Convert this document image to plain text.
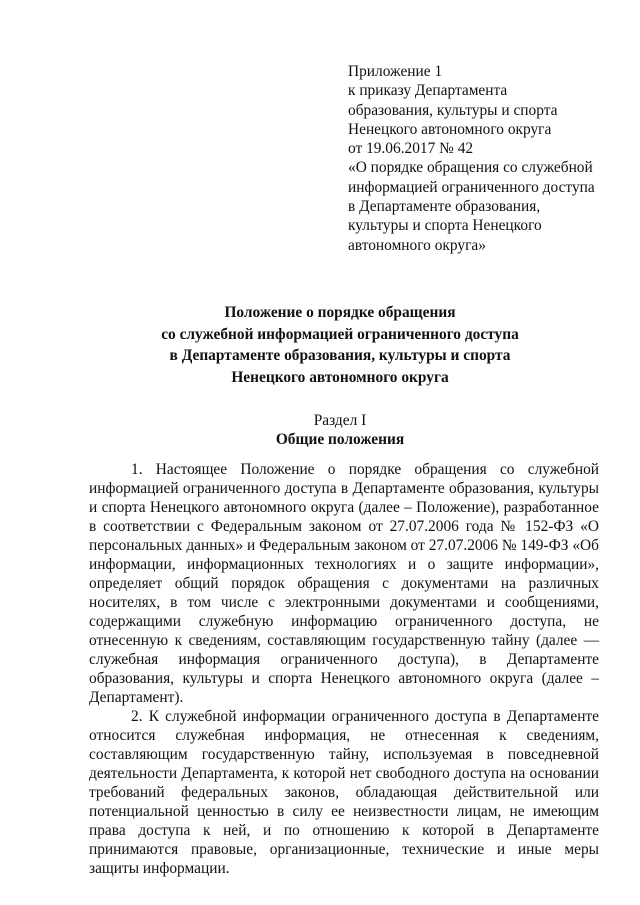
Приложение 1
к приказу Департамента
образования, культуры и спорта
Ненецкого автономного округа
от 19.06.2017 № 42
«О порядке обращения со служебной
информацией ограниченного доступа
в Департаменте образования,
культуры и спорта Ненецкого
автономного округа»
Положение о порядке обращения
со служебной информацией ограниченного доступа
в Департаменте образования, культуры и спорта
Ненецкого автономного округа
Раздел I
Общие положения

1. Настоящее Положение о порядке обращения со служебной информацией ограниченного доступа в Департаменте образования, культуры и спорта Ненецкого автономного округа (далее – Положение), разработанное в соответствии с Федеральным законом от 27.07.2006 года № 152-ФЗ «О персональных данных» и Федеральным законом от 27.07.2006 № 149-ФЗ «Об информации, информационных технологиях и о защите информации», определяет общий порядок обращения с документами на различных носителях, в том числе с электронными документами и сообщениями, содержащими служебную информацию ограниченного доступа, не отнесенную к сведениям, составляющим государственную тайну (далее — служебная информация ограниченного доступа), в Департаменте образования, культуры и спорта Ненецкого автономного округа (далее – Департамент).

2. К служебной информации ограниченного доступа в Департаменте относится служебная информация, не отнесенная к сведениям, составляющим государственную тайну, используемая в повседневной деятельности Департамента, к которой нет свободного доступа на основании требований федеральных законов, обладающая действительной или потенциальной ценностью в силу ее неизвестности лицам, не имеющим права доступа к ней, и по отношению к которой в Департаменте принимаются правовые, организационные, технические и иные меры защиты информации.
